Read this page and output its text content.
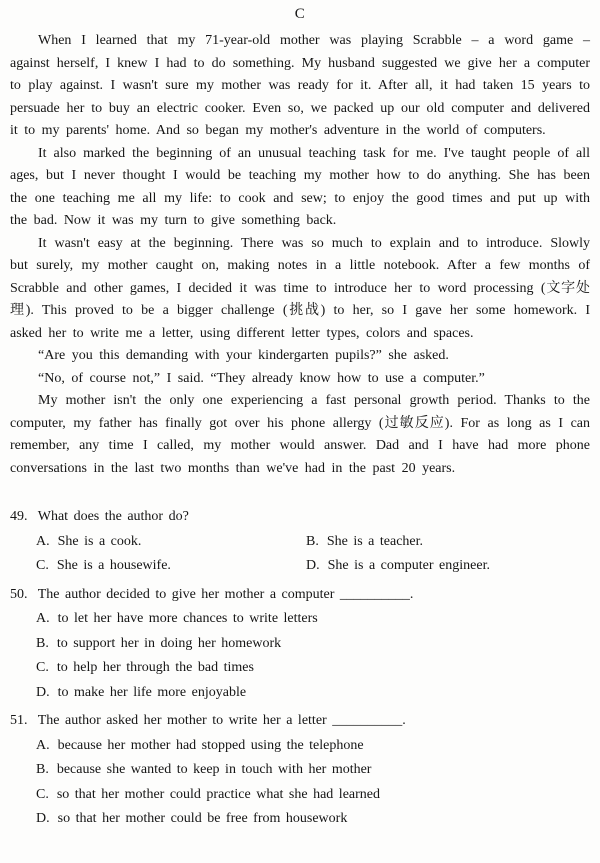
C

When I learned that my 71-year-old mother was playing Scrabble – a word game – against herself, I knew I had to do something. My husband suggested we give her a computer to play against. I wasn't sure my mother was ready for it. After all, it had taken 15 years to persuade her to buy an electric cooker. Even so, we packed up our old computer and delivered it to my parents' home. And so began my mother's adventure in the world of computers.

It also marked the beginning of an unusual teaching task for me. I've taught people of all ages, but I never thought I would be teaching my mother how to do anything. She has been the one teaching me all my life: to cook and sew; to enjoy the good times and put up with the bad. Now it was my turn to give something back.

It wasn't easy at the beginning. There was so much to explain and to introduce. Slowly but surely, my mother caught on, making notes in a little notebook. After a few months of Scrabble and other games, I decided it was time to introduce her to word processing (文字处理). This proved to be a bigger challenge (挑战) to her, so I gave her some homework. I asked her to write me a letter, using different letter types, colors and spaces.

“Are you this demanding with your kindergarten pupils?” she asked.

“No, of course not,” I said. “They already know how to use a computer.”

My mother isn't the only one experiencing a fast personal growth period. Thanks to the computer, my father has finally got over his phone allergy (过敏反应). For as long as I can remember, any time I called, my mother would answer. Dad and I have had more phone conversations in the last two months than we've had in the past 20 years.

49. What does the author do?

A. She is a cook.	B. She is a teacher.

C. She is a housewife.	D. She is a computer engineer.

50. The author decided to give her mother a computer __________.

A. to let her have more chances to write letters

B. to support her in doing her homework

C. to help her through the bad times

D. to make her life more enjoyable

51. The author asked her mother to write her a letter __________.

A. because her mother had stopped using the telephone

B. because she wanted to keep in touch with her mother

C. so that her mother could practice what she had learned

D. so that her mother could be free from housework
